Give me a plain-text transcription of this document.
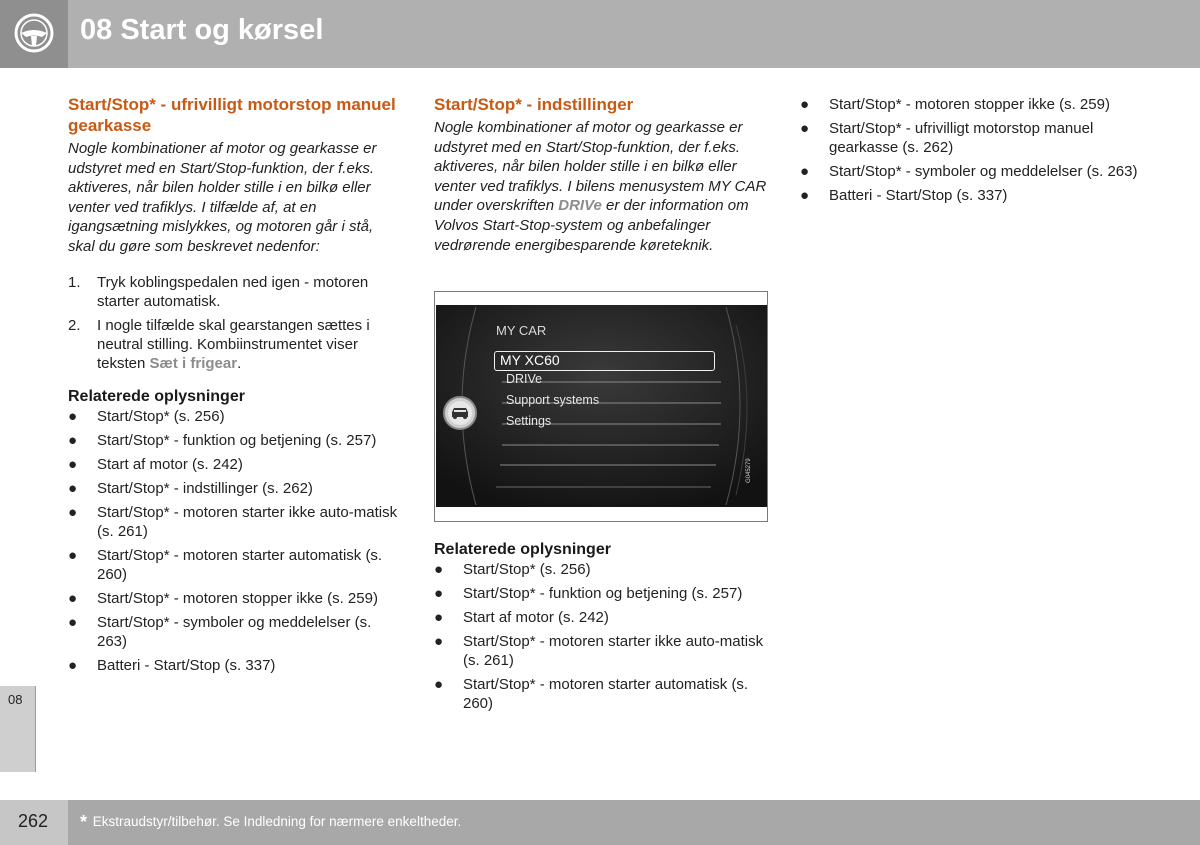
08 Start og kørsel
08
Start/Stop* - ufrivilligt motorstop manuel gearkasse

Nogle kombinationer af motor og gearkasse er udstyret med en Start/Stop-funktion, der f.eks. aktiveres, når bilen holder stille i en bilkø eller venter ved trafiklys. I tilfælde af, at en igangsætning mislykkes, og motoren går i stå, skal du gøre som beskrevet nedenfor:

1. Tryk koblingspedalen ned igen - motoren starter automatisk.
2. I nogle tilfælde skal gearstangen sættes i neutral stilling. Kombiinstrumentet viser teksten Sæt i frigear.
Relaterede oplysninger
● Start/Stop* (s. 256)
● Start/Stop* - funktion og betjening (s. 257)
● Start af motor (s. 242)
● Start/Stop* - indstillinger (s. 262)
● Start/Stop* - motoren starter ikke auto-matisk (s. 261)
● Start/Stop* - motoren starter automatisk (s. 260)
● Start/Stop* - motoren stopper ikke (s. 259)
● Start/Stop* - symboler og meddelelser (s. 263)
● Batteri - Start/Stop (s. 337)
Start/Stop* - indstillinger

Nogle kombinationer af motor og gearkasse er udstyret med en Start/Stop-funktion, der f.eks. aktiveres, når bilen holder stille i en bilkø eller venter ved trafiklys. I bilens menusystem MY CAR under overskriften DRIVe er der information om Volvos Start-Stop-system og anbefalinger vedrørende energibesparende køreteknik.

MY CAR
MY XC60
DRIVe
Support systems
Settings
G045279
Relaterede oplysninger
● Start/Stop* (s. 256)
● Start/Stop* - funktion og betjening (s. 257)
● Start af motor (s. 242)
● Start/Stop* - motoren starter ikke auto-matisk (s. 261)
● Start/Stop* - motoren starter automatisk (s. 260)
● Start/Stop* - motoren stopper ikke (s. 259)
● Start/Stop* - ufrivilligt motorstop manuel gearkasse (s. 262)
● Start/Stop* - symboler og meddelelser (s. 263)
● Batteri - Start/Stop (s. 337)
262 * Ekstraudstyr/tilbehør. Se Indledning for nærmere enkeltheder.
